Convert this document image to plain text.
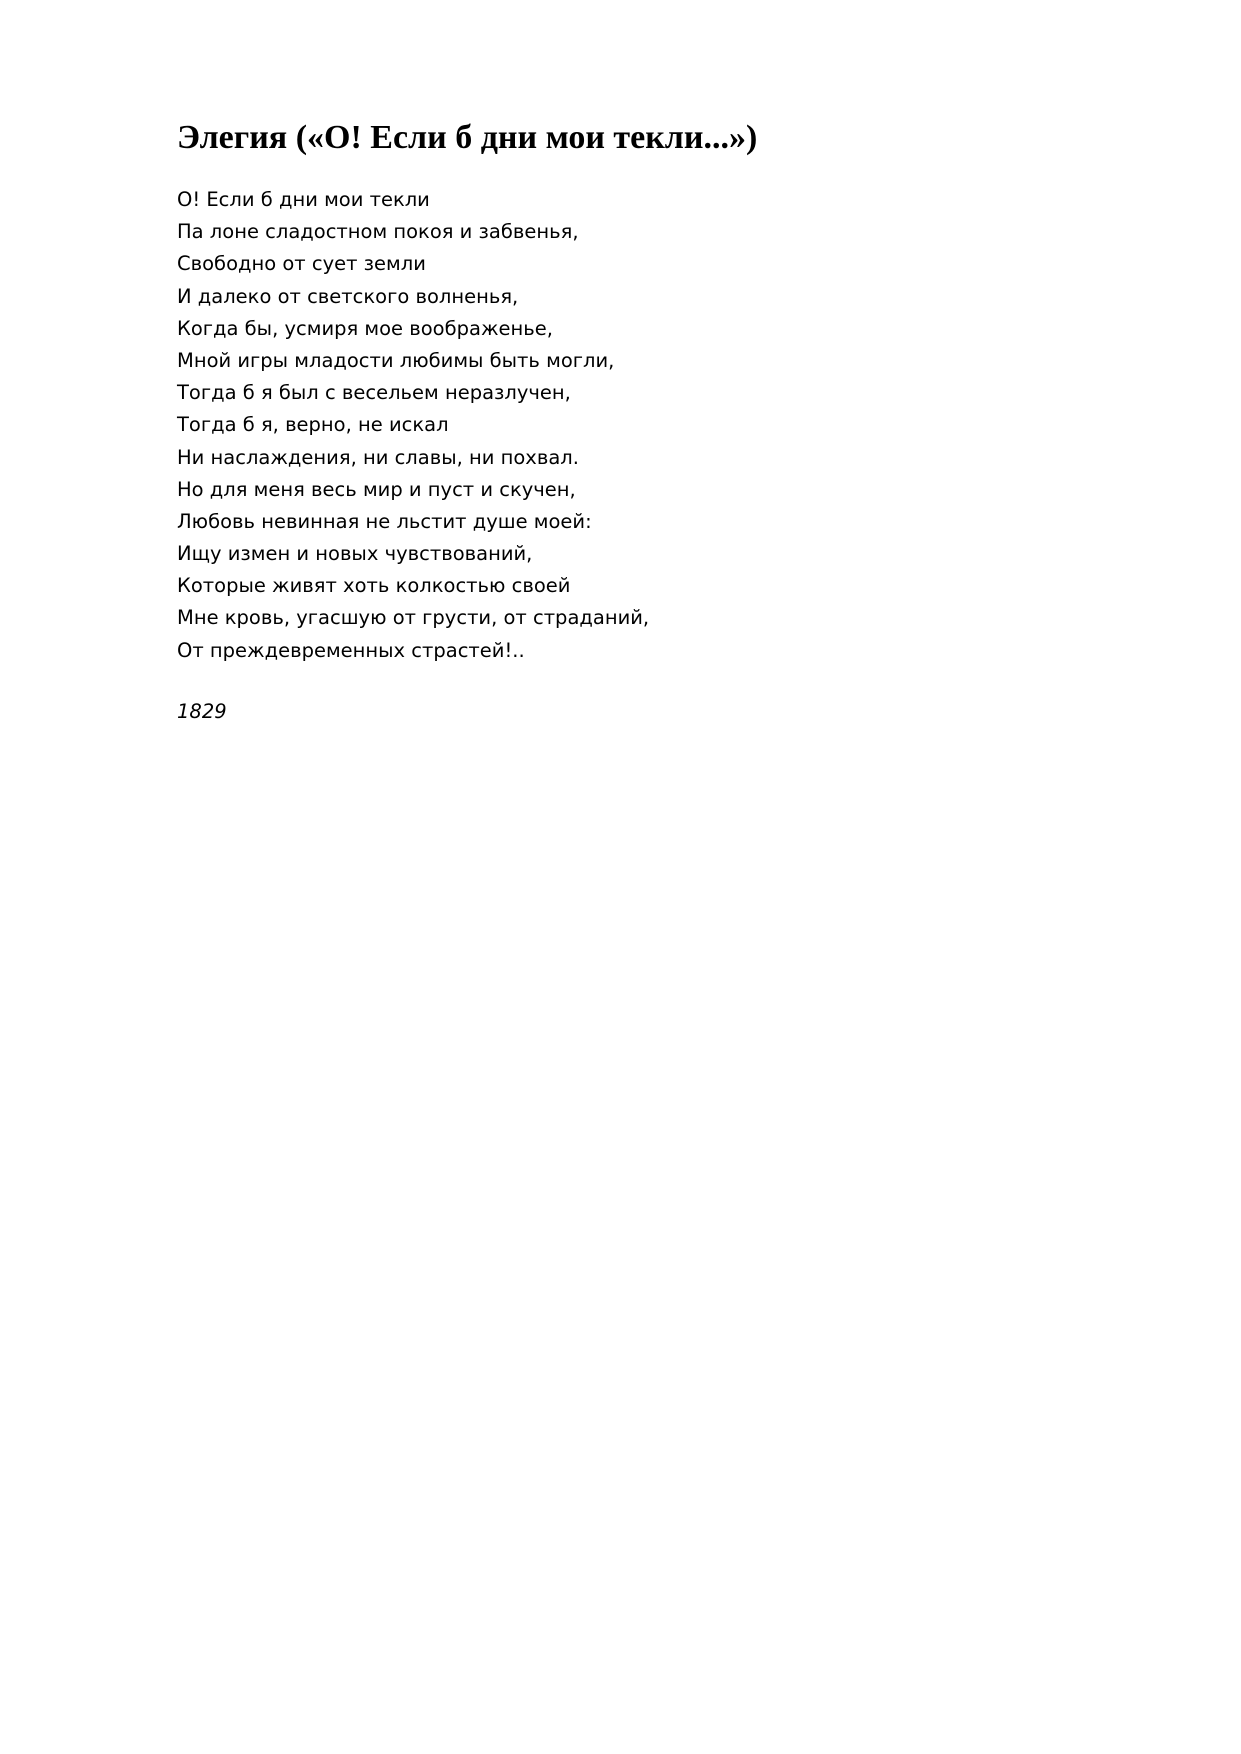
Элегия («О! Если б дни мои текли...»)
О! Если б дни мои текли
Па лоне сладостном покоя и забвенья,
Свободно от сует земли
И далеко от светского волненья,
Когда бы, усмиря мое воображенье,
Мной игры младости любимы быть могли,
Тогда б я был с весельем неразлучен,
Тогда б я, верно, не искал
Ни наслаждения, ни славы, ни похвал.
Но для меня весь мир и пуст и скучен,
Любовь невинная не льстит душе моей:
Ищу измен и новых чувствований,
Которые живят хоть колкостью своей
Мне кровь, угасшую от грусти, от страданий,
От преждевременных страстей!..

1829
